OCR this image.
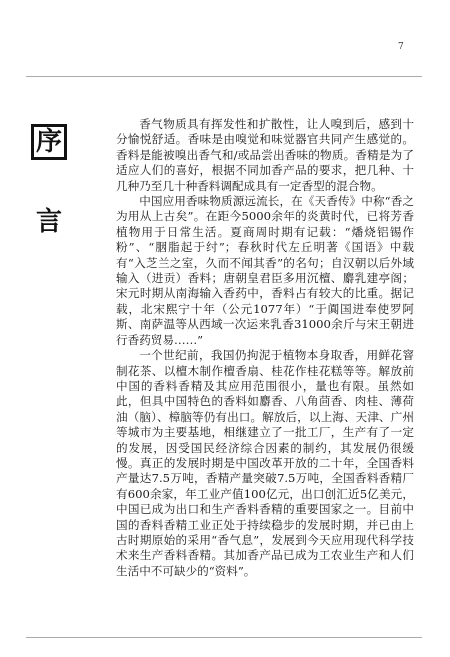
7
序
言

香气物质具有挥发性和扩散性，让人嗅到后，感到十分愉悦舒适。香味是由嗅觉和味觉器官共同产生感觉的。香料是能被嗅出香气和/或品尝出香味的物质。香精是为了适应人们的喜好，根据不同加香产品的要求，把几种、十几种乃至几十种香料调配成具有一定香型的混合物。

中国应用香味物质源远流长，在《天香传》中称“香之为用从上古矣”。在距今5000余年的炎黄时代，已将芳香植物用于日常生活。夏商周时期有记载：“燔烧铝锡作粉”、“胭脂起于纣”；春秋时代左丘明著《国语》中载有“入芝兰之室，久而不闻其香”的名句；自汉朝以后外域输入（进贡）香料；唐朝皇君臣多用沉檀、麝乳建亭阁；宋元时期从南海输入香药中，香料占有较大的比重。据记载，北宋熙宁十年（公元1077年）“于阗国进奉使罗阿斯、南萨温等从西域一次运来乳香31000余斤与宋王朝进行香药贸易……”

一个世纪前，我国仍拘泥于植物本身取香，用鲜花窨制花茶、以檀木制作檀香扇、桂花作桂花糕等等。解放前中国的香料香精及其应用范围很小，量也有限。虽然如此，但具中国特色的香料如麝香、八角茴香、肉桂、薄荷油（脑）、樟脑等仍有出口。解放后，以上海、天津、广州等城市为主要基地，相继建立了一批工厂，生产有了一定的发展，因受国民经济综合因素的制约，其发展仍很缓慢。真正的发展时期是中国改革开放的二十年，全国香料产量达7.5万吨，香精产量突破7.5万吨，全国香料香精厂有600余家，年工业产值100亿元，出口创汇近5亿美元，中国已成为出口和生产香料香精的重要国家之一。目前中国的香料香精工业正处于持续稳步的发展时期，并已由上古时期原始的采用“香气息”，发展到今天应用现代科学技术来生产香料香精。其加香产品已成为工农业生产和人们生活中不可缺少的“资料”。
